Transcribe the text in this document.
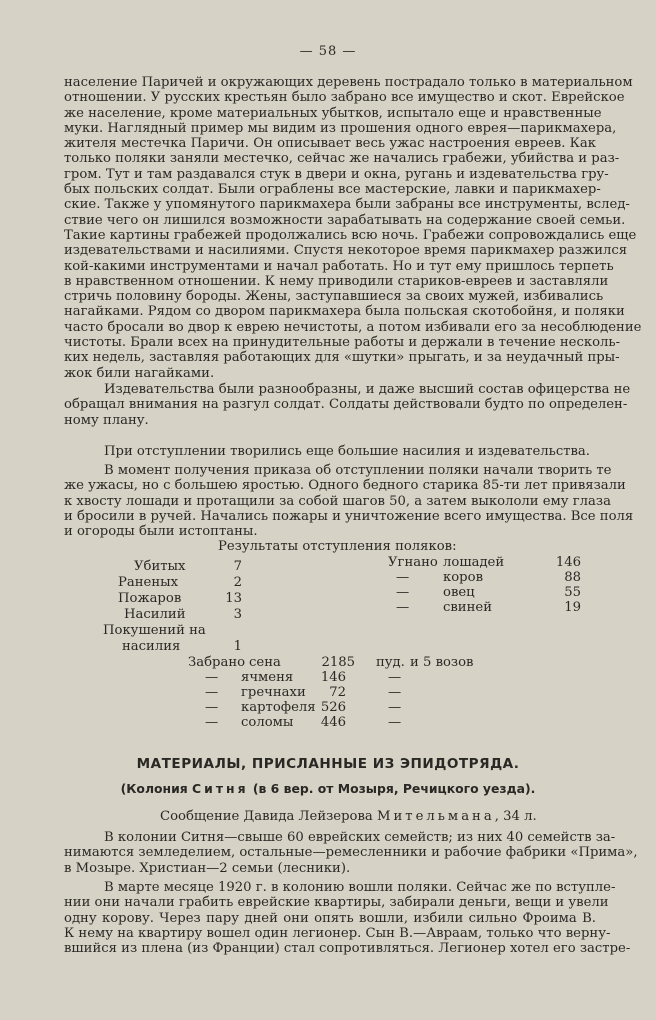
— 58 —
население Паричей и окружающих деревень пострадало только в материальном
отношении. У русских крестьян было забрано все имущество и скот. Еврейское
же население, кроме материальных убытков, испытало еще и нравственные
муки. Наглядный пример мы видим из прошения одного еврея—парикмахера,
жителя местечка Паричи. Он описывает весь ужас настроения евреев. Как
только поляки заняли местечко, сейчас же начались грабежи, убийства и раз-
гром. Тут и там раздавался стук в двери и окна, ругань и издевательства гру-
бых польских солдат. Были ограблены все мастерские, лавки и парикмахер-
ские. Также у упомянутого парикмахера были забраны все инструменты, вслед-
ствие чего он лишился возможности зарабатывать на содержание своей семьи.
Такие картины грабежей продолжались всю ночь. Грабежи сопровождались еще
издевательствами и насилиями. Спустя некоторое время парикмахер разжился
кой-какими инструментами и начал работать. Но и тут ему пришлось терпеть
в нравственном отношении. К нему приводили стариков-евреев и заставляли
стричь половину бороды. Жены, заступавшиеся за своих мужей, избивались
нагайками. Рядом со двором парикмахера была польская скотобойня, и поляки
часто бросали во двор к еврею нечистоты, а потом избивали его за несоблюдение
чистоты. Брали всех на принудительные работы и держали в течение несколь-
ких недель, заставляя работающих для «шутки» прыгать, и за неудачный пры-
жок били нагайками.
Издевательства были разнообразны, и даже высший состав офицерства не
обращал внимания на разгул солдат. Солдаты действовали будто по определен-
ному плану.
При отступлении творились еще большие насилия и издевательства.
В момент получения приказа об отступлении поляки начали творить те
же ужасы, но с большею яростью. Одного бедного старика 85-ти лет привязали
к хвосту лошади и протащили за собой шагов 50, а затем выкололи ему глаза
и бросили в ручей. Начались пожары и уничтожение всего имущества. Все поля
и огороды были истоптаны.
Результаты отступления поляков:
Убитых	7
Раненых	2
Пожаров	13
Насилий	3
Покушений на
насилия	1
Угнано лошадей	146
—	коров	88
—	овец	55
—	свиней	19
Забрано сена	2185 пуд. и 5 возов
— ячменя	146	—
— гречнахи	72	—
— картофеля 526	—
— соломы	446	—
МАТЕРИАЛЫ, ПРИСЛАННЫЕ ИЗ ЭПИДОТРЯДА.
(Колония Ситня (в 6 вер. от Мозыря, Речицкого уезда).
Сообщение Давида Лейзерова Мительмана, 34 л.
В колонии Ситня—свыше 60 еврейских семейств; из них 40 семейств за-
нимаются земледелием, остальные—ремесленники и рабочие фабрики «Прима»,
в Мозыре. Христиан—2 семьи (лесники).
В марте месяце 1920 г. в колонию вошли поляки. Сейчас же по вступле-
нии они начали грабить еврейские квартиры, забирали деньги, вещи и увели
одну корову. Через пару дней они опять вошли, избили сильно Фроима В.
К нему на квартиру вошел один легионер. Сын В.—Авраам, только что верну-
вшийся из плена (из Франции) стал сопротивляться. Легионер хотел его застре-
